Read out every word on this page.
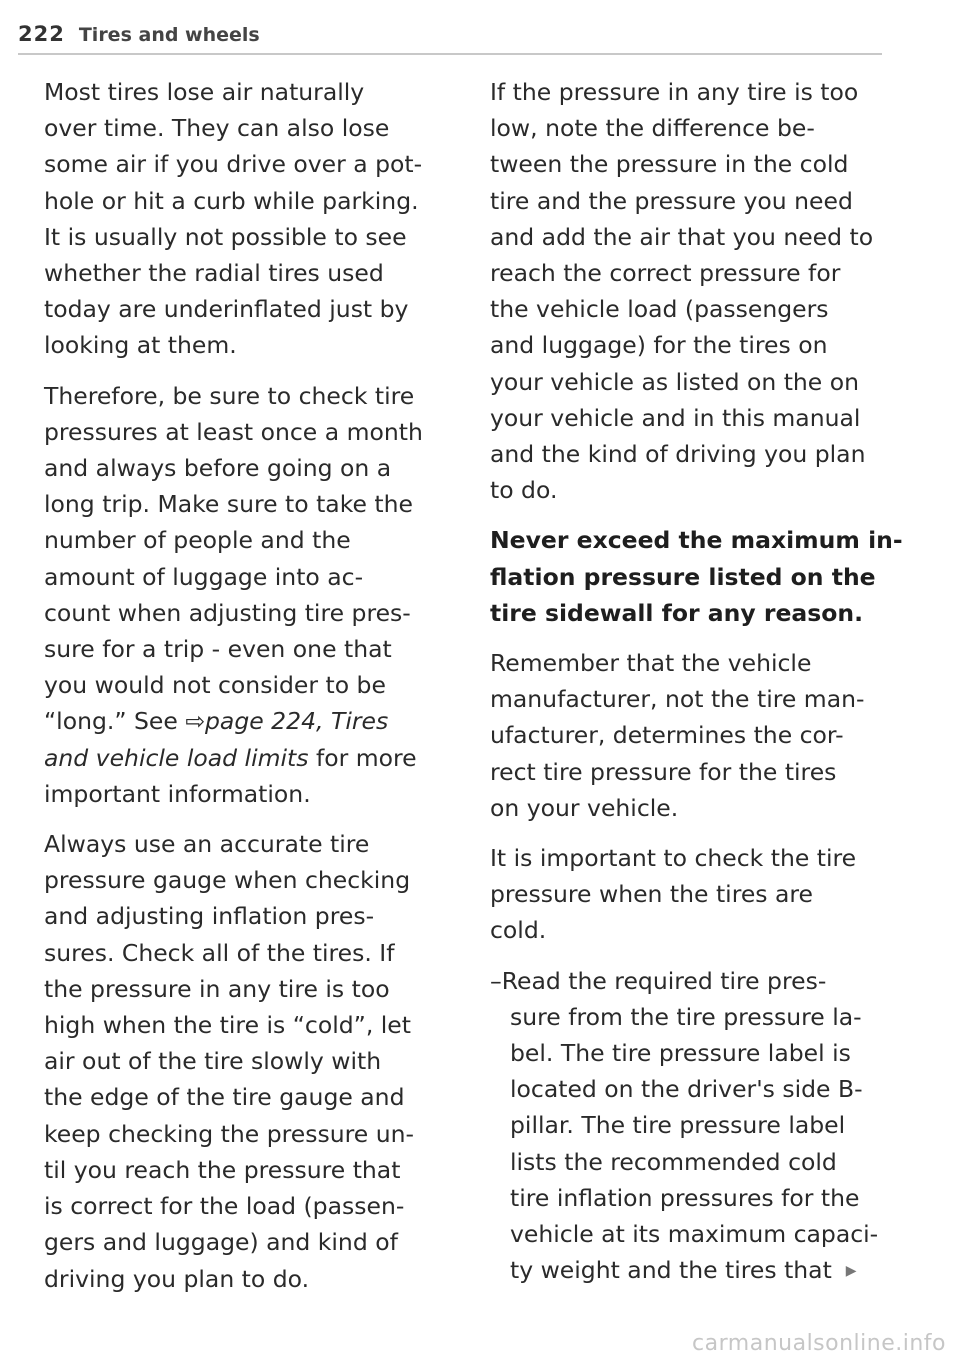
222 Tires and wheels

Most tires lose air naturally
over time. They can also lose
some air if you drive over a pot-
hole or hit a curb while parking.
It is usually not possible to see
whether the radial tires used
today are underinflated just by
looking at them.

Therefore, be sure to check tire
pressures at least once a month
and always before going on a
long trip. Make sure to take the
number of people and the
amount of luggage into ac-
count when adjusting tire pres-
sure for a trip - even one that
you would not consider to be
“long.” See ⇨page 224, Tires
and vehicle load limits for more
important information.

Always use an accurate tire
pressure gauge when checking
and adjusting inflation pres-
sures. Check all of the tires. If
the pressure in any tire is too
high when the tire is “cold”, let
air out of the tire slowly with
the edge of the tire gauge and
keep checking the pressure un-
til you reach the pressure that
is correct for the load (passen-
gers and luggage) and kind of
driving you plan to do.

If the pressure in any tire is too
low, note the difference be-
tween the pressure in the cold
tire and the pressure you need
and add the air that you need to
reach the correct pressure for
the vehicle load (passengers
and luggage) for the tires on
your vehicle as listed on the on
your vehicle and in this manual
and the kind of driving you plan
to do.

Never exceed the maximum in-
flation pressure listed on the
tire sidewall for any reason.

Remember that the vehicle
manufacturer, not the tire man-
ufacturer, determines the cor-
rect tire pressure for the tires
on your vehicle.

It is important to check the tire
pressure when the tires are
cold.

–Read the required tire pres-
sure from the tire pressure la-
bel. The tire pressure label is
located on the driver's side B-
pillar. The tire pressure label
lists the recommended cold
tire inflation pressures for the
vehicle at its maximum capaci-
ty weight and the tires that ▶

carmanualsonline.info
